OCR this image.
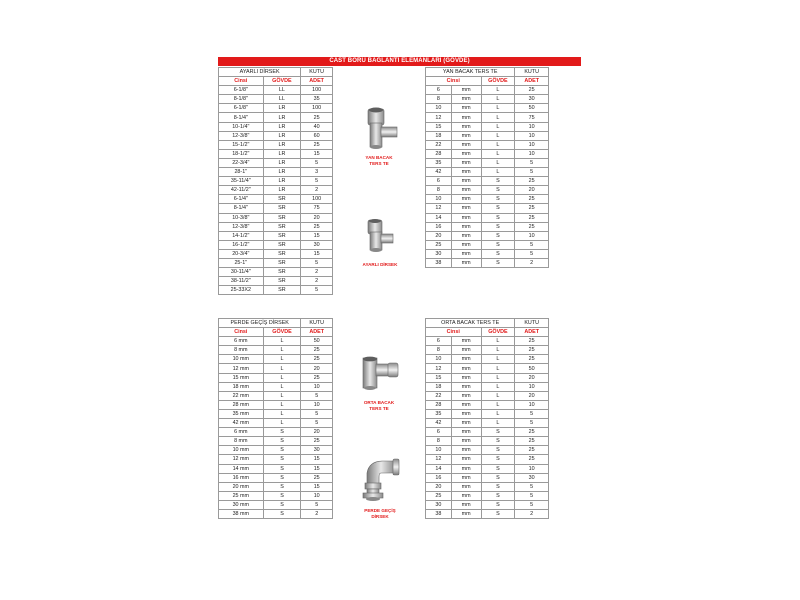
CAST BORU BAĞLANTI ELEMANLARI (GÖVDE)
AYARLI DİRSEK		KUTU
Cinsi	GÖVDE	ADET
6-1/8"	LL	100
8-1/8"	LL	35
6-1/8"	LR	100
8-1/4"	LR	25
10-1/4"	LR	40
12-3/8"	LR	60
15-1/2"	LR	25
18-1/2"	LR	15
22-3/4"	LR	5
28-1"	LR	3
35-11/4"	LR	5
42-11/2"	LR	2
6-1/4"	SR	100
8-1/4"	SR	75
10-3/8"	SR	20
12-3/8"	SR	25
14-1/2"	SR	15
16-1/2"	SR	30
20-3/4"	SR	15
25-1"	SR	5
30-11/4"	SR	2
38-11/2"	SR	2
25-33X2	SR	5
YAN BACAK TERS TE			KUTU
Cinsi		GÖVDE	ADET
6	mm	L	25
8	mm	L	30
10	mm	L	50
12	mm	L	75
15	mm	L	10
18	mm	L	10
22	mm	L	10
28	mm	L	10
35	mm	L	5
42	mm	L	5
6	mm	S	25
8	mm	S	20
10	mm	S	25
12	mm	S	25
14	mm	S	25
16	mm	S	25
20	mm	S	10
25	mm	S	5
30	mm	S	5
38	mm	S	2
PERDE GEÇİŞ DİRSEK		KUTU
Cinsi	GÖVDE	ADET
6 mm	L	50
8 mm	L	25
10 mm	L	25
12 mm	L	20
15 mm	L	25
18 mm	L	10
22 mm	L	5
28 mm	L	10
35 mm	L	5
42 mm	L	5
6 mm	S	20
8 mm	S	25
10 mm	S	30
12 mm	S	15
14 mm	S	15
16 mm	S	25
20 mm	S	15
25 mm	S	10
30 mm	S	5
38 mm	S	2
ORTA BACAK TERS TE			KUTU
Cinsi		GÖVDE	ADET
6	mm	L	25
8	mm	L	25
10	mm	L	25
12	mm	L	50
15	mm	L	20
18	mm	L	10
22	mm	L	20
28	mm	L	10
35	mm	L	5
42	mm	L	5
6	mm	S	25
8	mm	S	25
10	mm	S	25
12	mm	S	25
14	mm	S	10
16	mm	S	30
20	mm	S	5
25	mm	S	5
30	mm	S	5
38	mm	S	2
YAN BACAK
TERS TE
AYARLI DİRSEK
ORTA BACAK
TERS TE
PERDE GEÇİŞ
DİRSEK
